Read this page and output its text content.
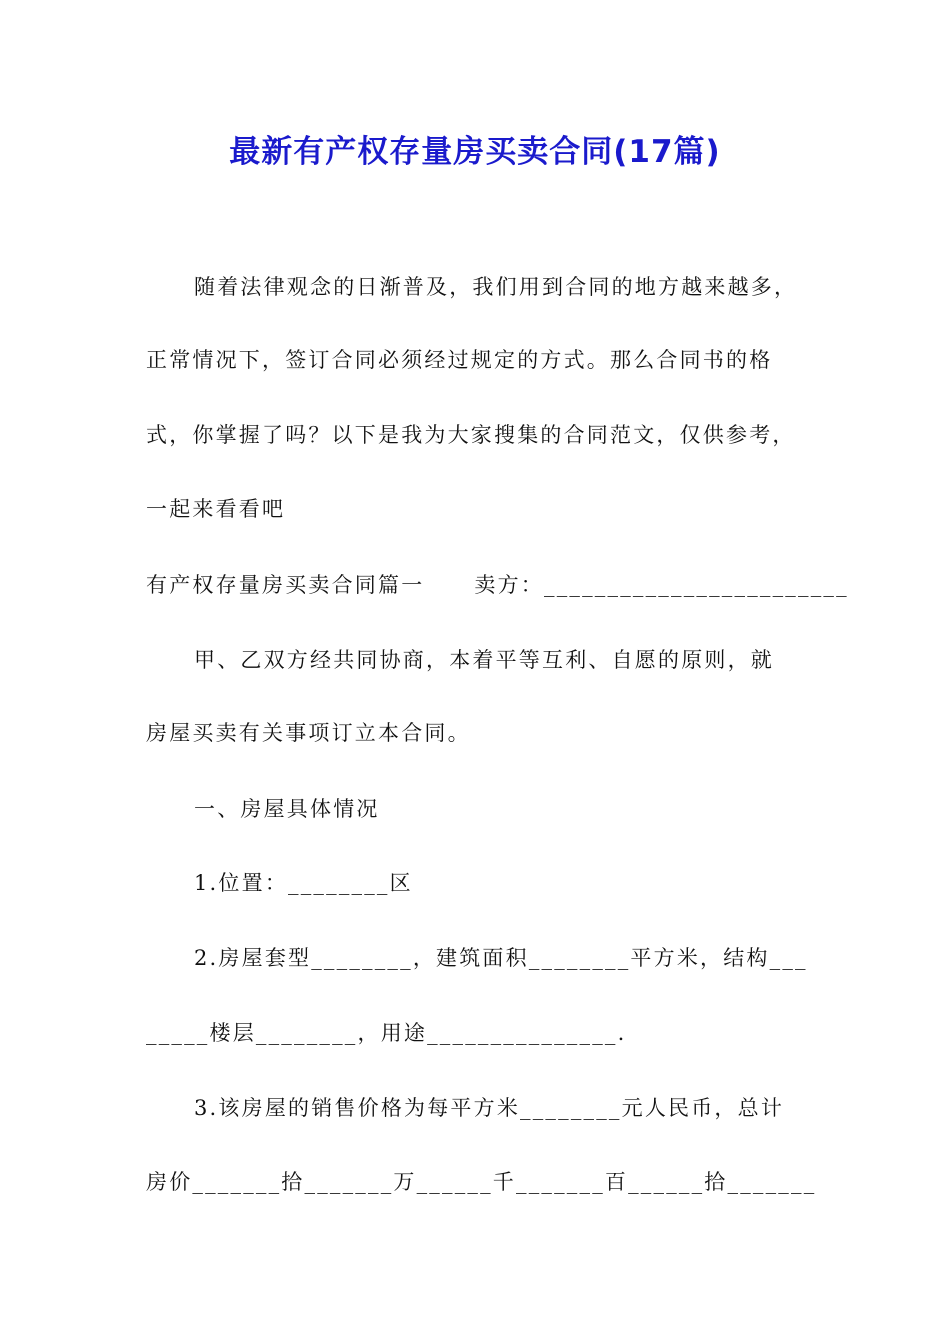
最新有产权存量房买卖合同(17篇)
随着法律观念的日渐普及，我们用到合同的地方越来越多，
正常情况下，签订合同必须经过规定的方式。那么合同书的格
式，你掌握了吗？以下是我为大家搜集的合同范文，仅供参考，
一起来看看吧
有产权存量房买卖合同篇一 卖方：________________________
甲、乙双方经共同协商，本着平等互利、自愿的原则，就
房屋买卖有关事项订立本合同。
一、房屋具体情况
1.位置：________区
2.房屋套型________，建筑面积________平方米，结构___
_____楼层________，用途_______________.
3.该房屋的销售价格为每平方米________元人民币，总计
房价_______拾_______万______千_______百______拾_______
